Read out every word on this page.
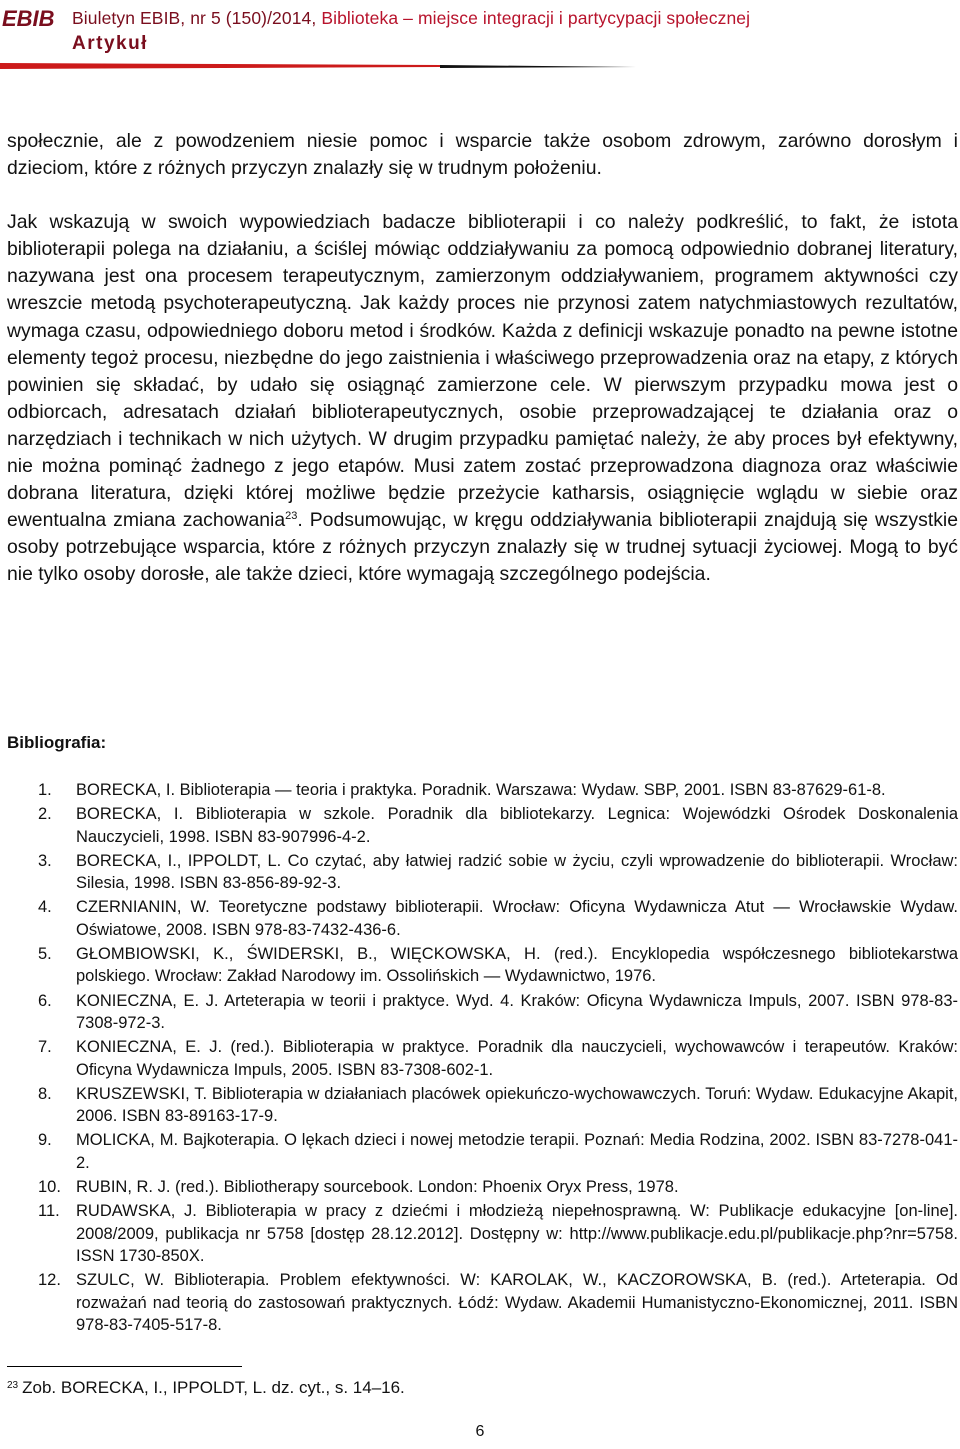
EBIB Biuletyn EBIB, nr 5 (150)/2014, Biblioteka – miejsce integracji i partycypacji społecznej
Artykuł

społecznie, ale z powodzeniem niesie pomoc i wsparcie także osobom zdrowym, zarówno dorosłym i dzieciom, które z różnych przyczyn znalazły się w trudnym położeniu.

Jak wskazują w swoich wypowiedziach badacze biblioterapii i co należy podkreślić, to fakt, że istota biblioterapii polega na działaniu, a ściślej mówiąc oddziaływaniu za pomocą odpowiednio dobranej literatury, nazywana jest ona procesem terapeutycznym, zamierzonym oddziaływaniem, programem aktywności czy wreszcie metodą psychoterapeutyczną. Jak każdy proces nie przynosi zatem natychmiastowych rezultatów, wymaga czasu, odpowiedniego doboru metod i środków. Każda z definicji wskazuje ponadto na pewne istotne elementy tegoż procesu, niezbędne do jego zaistnienia i właściwego przeprowadzenia oraz na etapy, z których powinien się składać, by udało się osiągnąć zamierzone cele. W pierwszym przypadku mowa jest o odbiorcach, adresatach działań biblioterapeutycznych, osobie przeprowadzającej te działania oraz o narzędziach i technikach w nich użytych. W drugim przypadku pamiętać należy, że aby proces był efektywny, nie można pominąć żadnego z jego etapów. Musi zatem zostać przeprowadzona diagnoza oraz właściwie dobrana literatura, dzięki której możliwe będzie przeżycie katharsis, osiągnięcie wglądu w siebie oraz ewentualna zmiana zachowania$^{23}$. Podsumowując, w kręgu oddziaływania biblioterapii znajdują się wszystkie osoby potrzebujące wsparcia, które z różnych przyczyn znalazły się w trudnej sytuacji życiowej. Mogą to być nie tylko osoby dorosłe, ale także dzieci, które wymagają szczególnego podejścia.

Bibliografia:
1. BORECKA, I. Biblioterapia — teoria i praktyka. Poradnik. Warszawa: Wydaw. SBP, 2001. ISBN 83-87629-61-8.
2. BORECKA, I. Biblioterapia w szkole. Poradnik dla bibliotekarzy. Legnica: Wojewódzki Ośrodek Doskonalenia Nauczycieli, 1998. ISBN 83-907996-4-2.
3. BORECKA, I., IPPOLDT, L. Co czytać, aby łatwiej radzić sobie w życiu, czyli wprowadzenie do biblioterapii. Wrocław: Silesia, 1998. ISBN 83-856-89-92-3.
4. CZERNIANIN, W. Teoretyczne podstawy biblioterapii. Wrocław: Oficyna Wydawnicza Atut — Wrocławskie Wydaw. Oświatowe, 2008. ISBN 978-83-7432-436-6.
5. GŁOMBIOWSKI, K., ŚWIDERSKI, B., WIĘCKOWSKA, H. (red.). Encyklopedia współczesnego bibliotekarstwa polskiego. Wrocław: Zakład Narodowy im. Ossolińskich — Wydawnictwo, 1976.
6. KONIECZNA, E. J. Arteterapia w teorii i praktyce. Wyd. 4. Kraków: Oficyna Wydawnicza Impuls, 2007. ISBN 978-83-7308-972-3.
7. KONIECZNA, E. J. (red.). Biblioterapia w praktyce. Poradnik dla nauczycieli, wychowawców i terapeutów. Kraków: Oficyna Wydawnicza Impuls, 2005. ISBN 83-7308-602-1.
8. KRUSZEWSKI, T. Biblioterapia w działaniach placówek opiekuńczo-wychowawczych. Toruń: Wydaw. Edukacyjne Akapit, 2006. ISBN 83-89163-17-9.
9. MOLICKA, M. Bajkoterapia. O lękach dzieci i nowej metodzie terapii. Poznań: Media Rodzina, 2002. ISBN 83-7278-041-2.
10. RUBIN, R. J. (red.). Bibliotherapy sourcebook. London: Phoenix Oryx Press, 1978.
11. RUDAWSKA, J. Biblioterapia w pracy z dziećmi i młodzieżą niepełnosprawną. W: Publikacje edukacyjne [on-line]. 2008/2009, publikacja nr 5758 [dostęp 28.12.2012]. Dostępny w: http://www.publikacje.edu.pl/publikacje.php?nr=5758. ISSN 1730-850X.
12. SZULC, W. Biblioterapia. Problem efektywności. W: KAROLAK, W., KACZOROWSKA, B. (red.). Arteterapia. Od rozważań nad teorią do zastosowań praktycznych. Łódź: Wydaw. Akademii Humanistyczno-Ekonomicznej, 2011. ISBN 978-83-7405-517-8.
$^{23}$ Zob. BORECKA, I., IPPOLDT, L. dz. cyt., s. 14–16.
6
